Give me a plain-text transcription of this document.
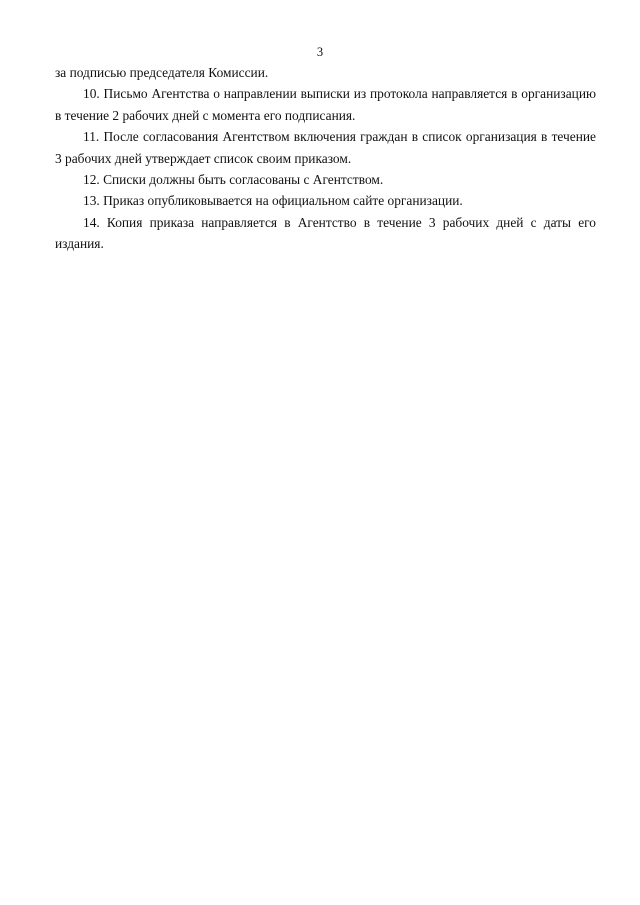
3

за подписью председателя Комиссии.

10. Письмо Агентства о направлении выписки из протокола направляется в организацию в течение 2 рабочих дней с момента его подписания.

11. После согласования Агентством включения граждан в список организация в течение 3 рабочих дней утверждает список своим приказом.

12. Списки должны быть согласованы с Агентством.

13. Приказ опубликовывается на официальном сайте организации.

14. Копия приказа направляется в Агентство в течение 3 рабочих дней с даты его издания.
